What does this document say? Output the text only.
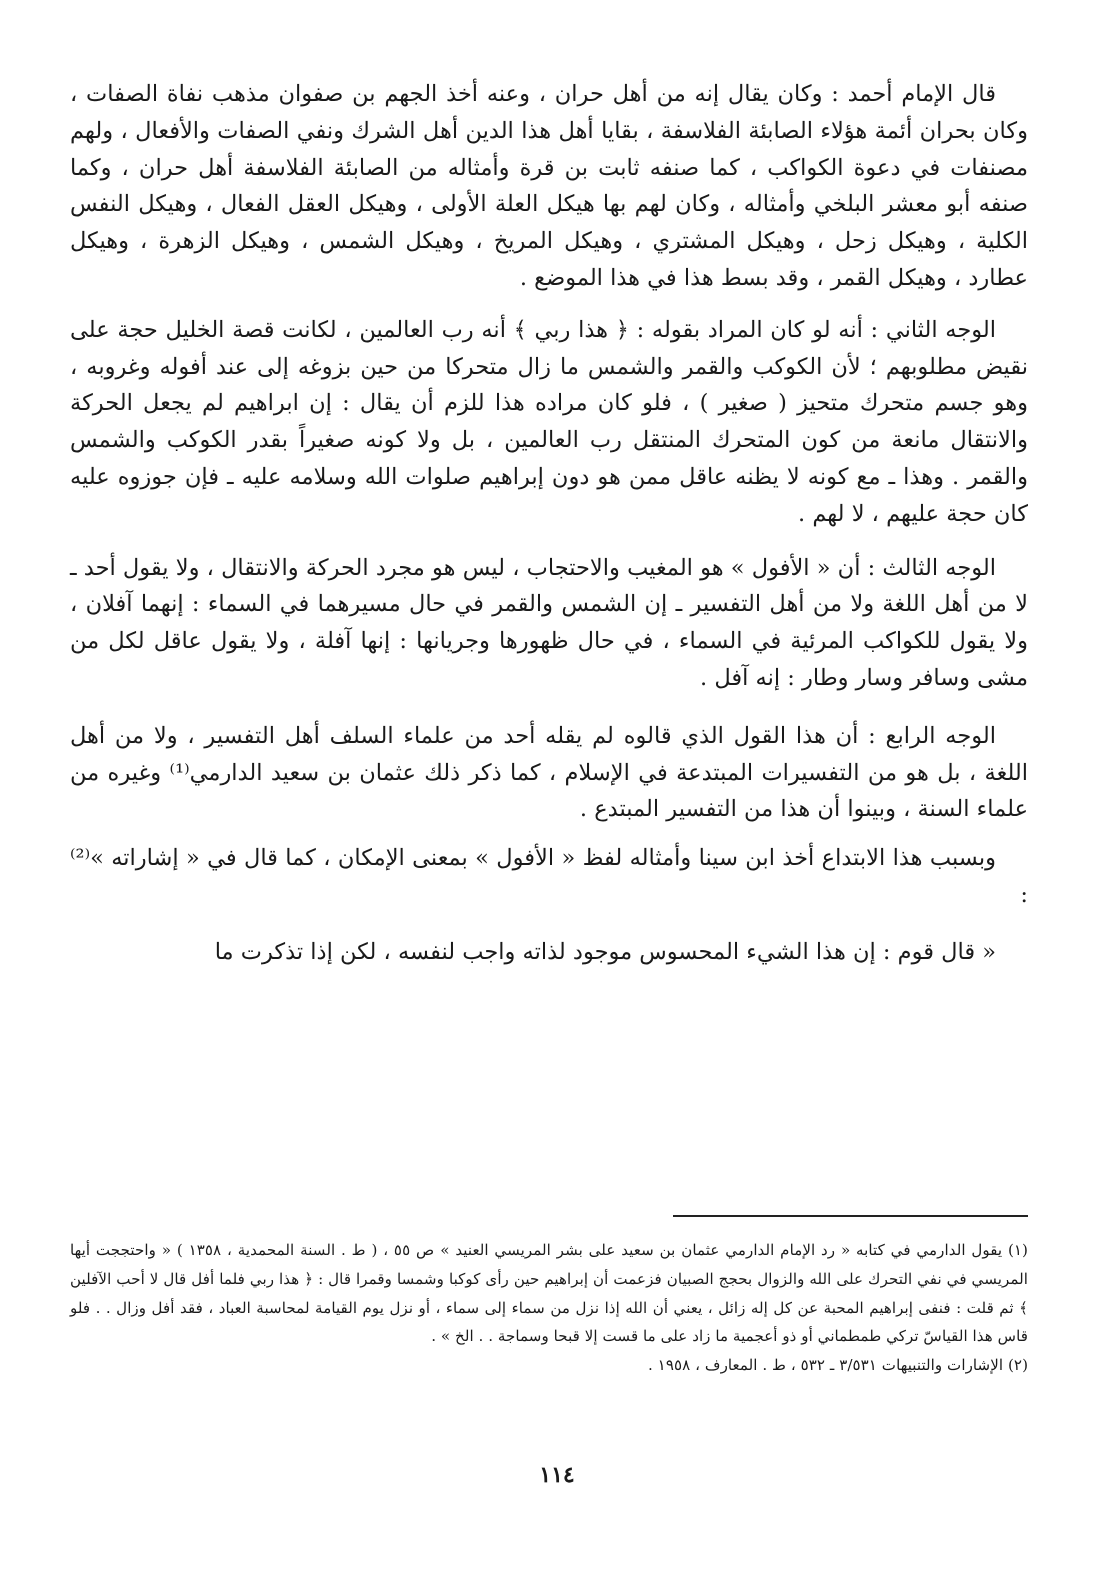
قال الإمام أحمد : وكان يقال إنه من أهل حران ، وعنه أخذ الجهم بن صفوان مذهب نفاة الصفات ، وكان بحران أئمة هؤلاء الصابئة الفلاسفة ، بقايا أهل هذا الدين أهل الشرك ونفي الصفات والأفعال ، ولهم مصنفات في دعوة الكواكب ، كما صنفه ثابت بن قرة وأمثاله من الصابئة الفلاسفة أهل حران ، وكما صنفه أبو معشر البلخي وأمثاله ، وكان لهم بها هيكل العلة الأولى ، وهيكل العقل الفعال ، وهيكل النفس الكلية ، وهيكل زحل ، وهيكل المشتري ، وهيكل المريخ ، وهيكل الشمس ، وهيكل الزهرة ، وهيكل عطارد ، وهيكل القمر ، وقد بسط هذا في هذا الموضع .

الوجه الثاني : أنه لو كان المراد بقوله : ﴿ هذا ربي ﴾ أنه رب العالمين ، لكانت قصة الخليل حجة على نقيض مطلوبهم ؛ لأن الكوكب والقمر والشمس ما زال متحركا من حين بزوغه إلى عند أفوله وغروبه ، وهو جسم متحرك متحيز ( صغير ) ، فلو كان مراده هذا للزم أن يقال : إن ابراهيم لم يجعل الحركة والانتقال مانعة من كون المتحرك المنتقل رب العالمين ، بل ولا كونه صغيراً بقدر الكوكب والشمس والقمر . وهذا ـ مع كونه لا يظنه عاقل ممن هو دون إبراهيم صلوات الله وسلامه عليه ـ فإن جوزوه عليه كان حجة عليهم ، لا لهم .

الوجه الثالث : أن « الأفول » هو المغيب والاحتجاب ، ليس هو مجرد الحركة والانتقال ، ولا يقول أحد ـ لا من أهل اللغة ولا من أهل التفسير ـ إن الشمس والقمر في حال مسيرهما في السماء : إنهما آفلان ، ولا يقول للكواكب المرئية في السماء ، في حال ظهورها وجريانها : إنها آفلة ، ولا يقول عاقل لكل من مشى وسافر وسار وطار : إنه آفل .

الوجه الرابع : أن هذا القول الذي قالوه لم يقله أحد من علماء السلف أهل التفسير ، ولا من أهل اللغة ، بل هو من التفسيرات المبتدعة في الإسلام ، كما ذكر ذلك عثمان بن سعيد الدارمي⁽¹⁾ وغيره من علماء السنة ، وبينوا أن هذا من التفسير المبتدع .

وبسبب هذا الابتداع أخذ ابن سينا وأمثاله لفظ « الأفول » بمعنى الإمكان ، كما قال في « إشاراته »⁽²⁾ :

« قال قوم : إن هذا الشيء المحسوس موجود لذاته واجب لنفسه ، لكن إذا تذكرت ما

(١) يقول الدارمي في كتابه « رد الإمام الدارمي عثمان بن سعيد على بشر المريسي العنيد » ص ٥٥ ، ( ط . السنة المحمدية ، ١٣٥٨ ) « واحتججت أيها المريسي في نفي التحرك على الله والزوال بحجج الصبيان فزعمت أن إبراهيم حين رأى كوكبا وشمسا وقمرا قال : ﴿ هذا ربي فلما أفل قال لا أحب الآفلين ﴾ ثم قلت : فنفى إبراهيم المحبة عن كل إله زائل ، يعني أن الله إذا نزل من سماء إلى سماء ، أو نزل يوم القيامة لمحاسبة العباد ، فقد أفل وزال . . فلو قاس هذا القياسّ تركي طمطماني أو ذو أعجمية ما زاد على ما قست إلا قبحا وسماجة . . الخ » .

(٢) الإشارات والتنبيهات ٣/٥٣١ ـ ٥٣٢ ، ط . المعارف ، ١٩٥٨ .

١١٤
